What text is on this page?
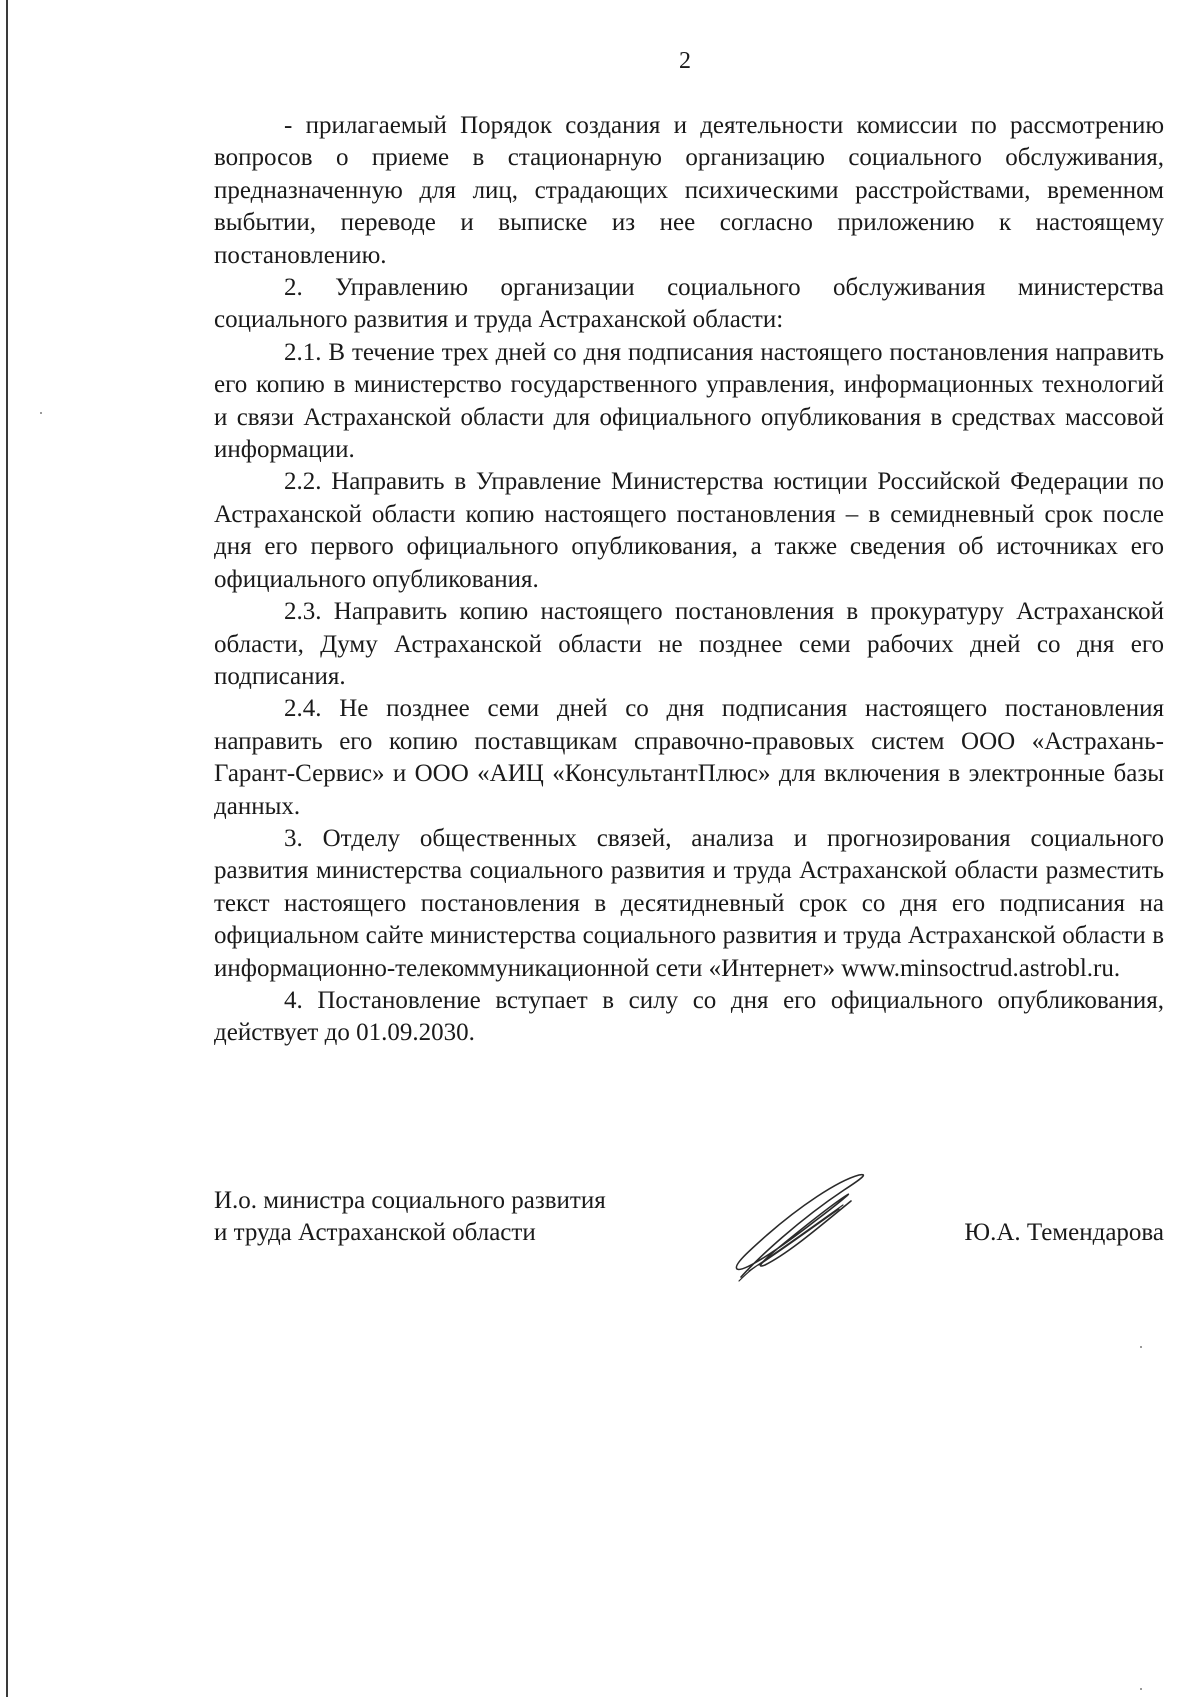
2

- прилагаемый Порядок создания и деятельности комиссии по рассмотрению вопросов о приеме в стационарную организацию социального обслуживания, предназначенную для лиц, страдающих психическими расстройствами, временном выбытии, переводе и выписке из нее согласно приложению к настоящему постановлению.

2. Управлению организации социального обслуживания министерства социального развития и труда Астраханской области:

2.1. В течение трех дней со дня подписания настоящего постановления направить его копию в министерство государственного управления, информационных технологий и связи Астраханской области для официального опубликования в средствах массовой информации.

2.2. Направить в Управление Министерства юстиции Российской Федерации по Астраханской области копию настоящего постановления – в семидневный срок после дня его первого официального опубликования, а также сведения об источниках его официального опубликования.

2.3. Направить копию настоящего постановления в прокуратуру Астраханской области, Думу Астраханской области не позднее семи рабочих дней со дня его подписания.

2.4. Не позднее семи дней со дня подписания настоящего постановления направить его копию поставщикам справочно-правовых систем ООО «Астрахань-Гарант-Сервис» и ООО «АИЦ «КонсультантПлюс» для включения в электронные базы данных.

3. Отделу общественных связей, анализа и прогнозирования социального развития министерства социального развития и труда Астраханской области разместить текст настоящего постановления в десятидневный срок со дня его подписания на официальном сайте министерства социального развития и труда Астраханской области в информационно-телекоммуникационной сети «Интернет» www.minsoctrud.astrobl.ru.

4. Постановление вступает в силу со дня его официального опубликования, действует до 01.09.2030.

И.о. министра социального развития
и труда Астраханской области	Ю.А. Темендарова
